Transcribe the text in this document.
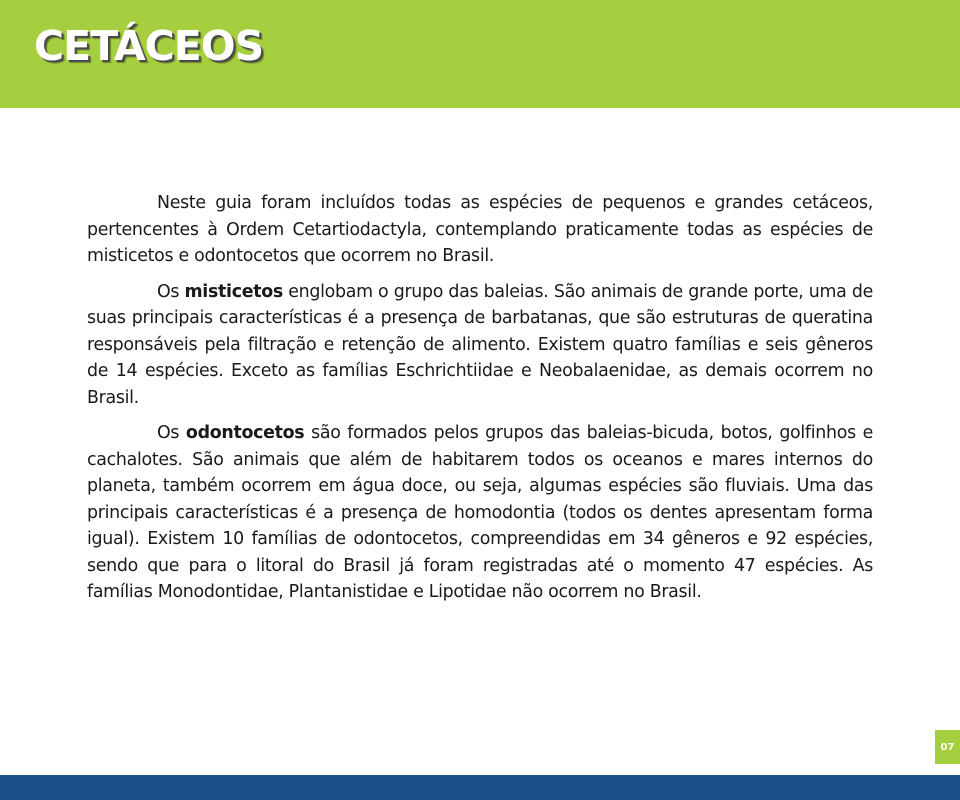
CETÁCEOS

Neste guia foram incluídos todas as espécies de pequenos e grandes cetáceos, pertencentes à Ordem Cetartiodactyla, contemplando praticamente todas as espécies de misticetos e odontocetos que ocorrem no Brasil.

Os misticetos englobam o grupo das baleias. São animais de grande porte, uma de suas principais características é a presença de barbatanas, que são estruturas de queratina responsáveis pela filtração e retenção de alimento. Existem quatro famílias e seis gêneros de 14 espécies. Exceto as famílias Eschrichtiidae e Neobalaenidae, as demais ocorrem no Brasil.

Os odontocetos são formados pelos grupos das baleias-bicuda, botos, golfinhos e cachalotes. São animais que além de habitarem todos os oceanos e mares internos do planeta, também ocorrem em água doce, ou seja, algumas espécies são fluviais. Uma das principais características é a presença de homodontia (todos os dentes apresentam forma igual). Existem 10 famílias de odontocetos, compreendidas em 34 gêneros e 92 espécies, sendo que para o litoral do Brasil já foram registradas até o momento 47 espécies. As famílias Monodontidae, Plantanistidae e Lipotidae não ocorrem no Brasil.

07
